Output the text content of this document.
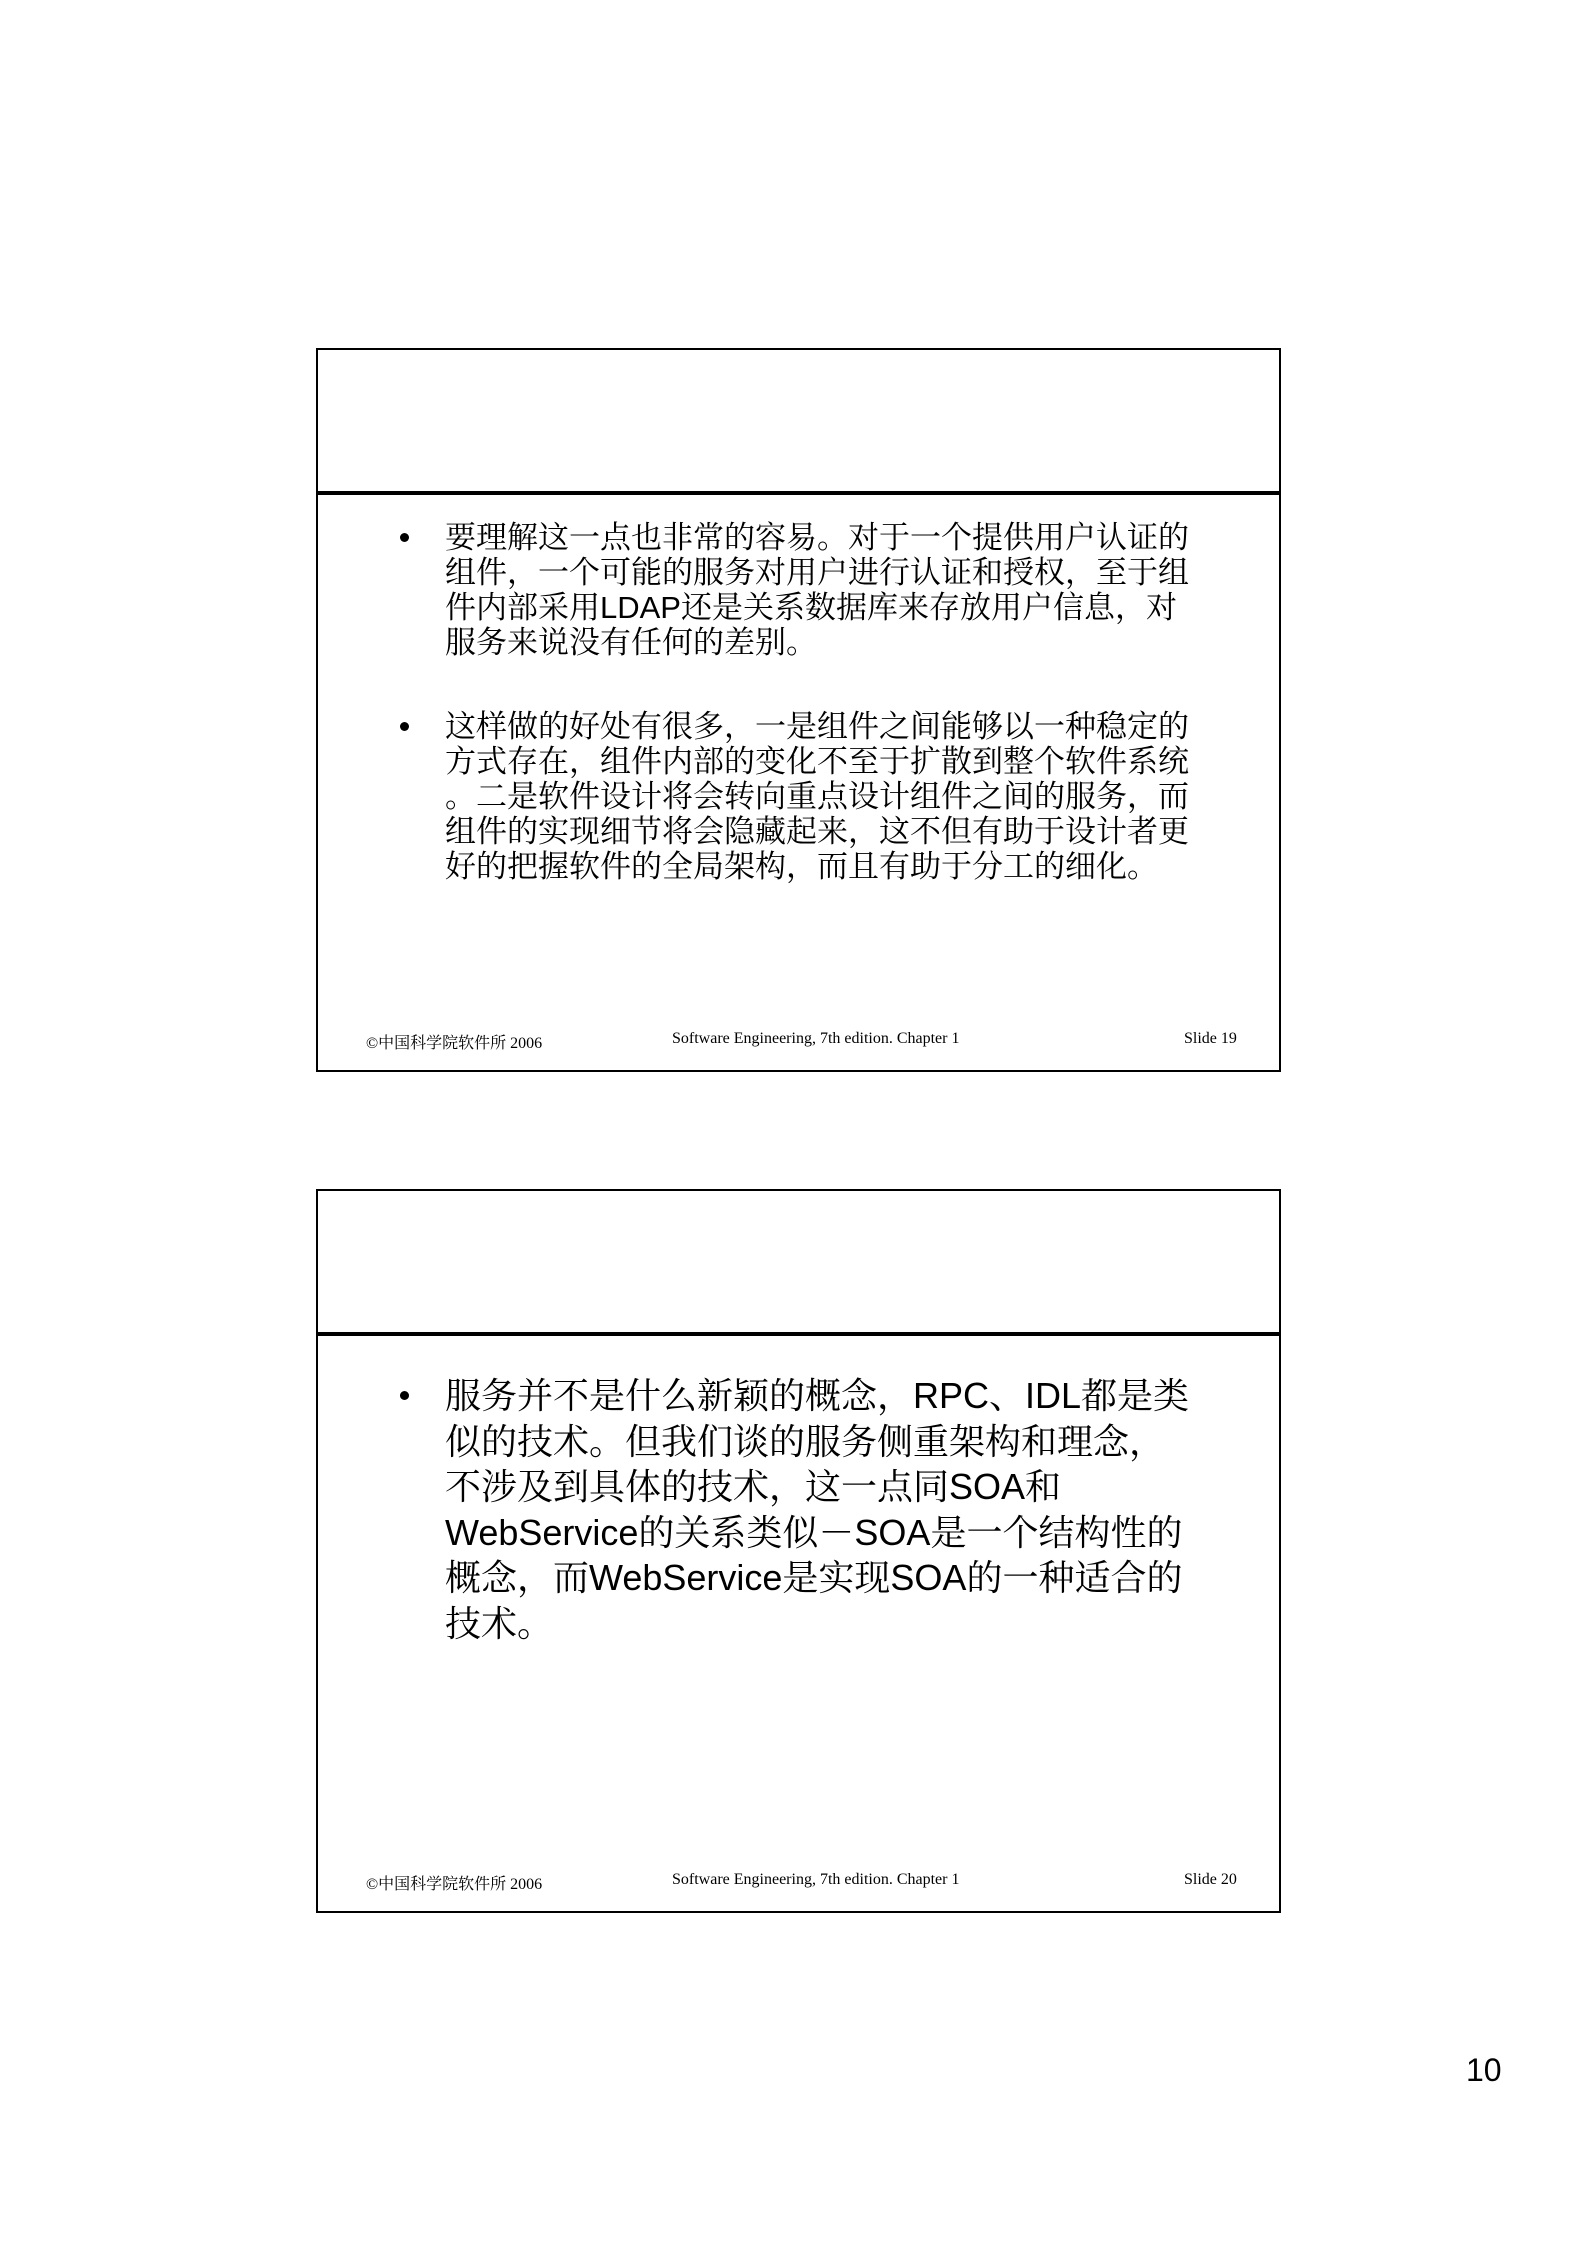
要理解这一点也非常的容易。对于一个提供用户认证的
组件，一个可能的服务对用户进行认证和授权，至于组
件内部采用LDAP还是关系数据库来存放用户信息，对
服务来说没有任何的差别。
这样做的好处有很多，一是组件之间能够以一种稳定的
方式存在，组件内部的变化不至于扩散到整个软件系统
。二是软件设计将会转向重点设计组件之间的服务，而
组件的实现细节将会隐藏起来，这不但有助于设计者更
好的把握软件的全局架构，而且有助于分工的细化。
©中国科学院软件所 2006	Software Engineering, 7th edition. Chapter 1	Slide 19
服务并不是什么新颖的概念，RPC、IDL都是类
似的技术。但我们谈的服务侧重架构和理念，
不涉及到具体的技术，这一点同SOA和
WebService的关系类似－SOA是一个结构性的
概念，而WebService是实现SOA的一种适合的
技术。
©中国科学院软件所 2006	Software Engineering, 7th edition. Chapter 1	Slide 20
10
